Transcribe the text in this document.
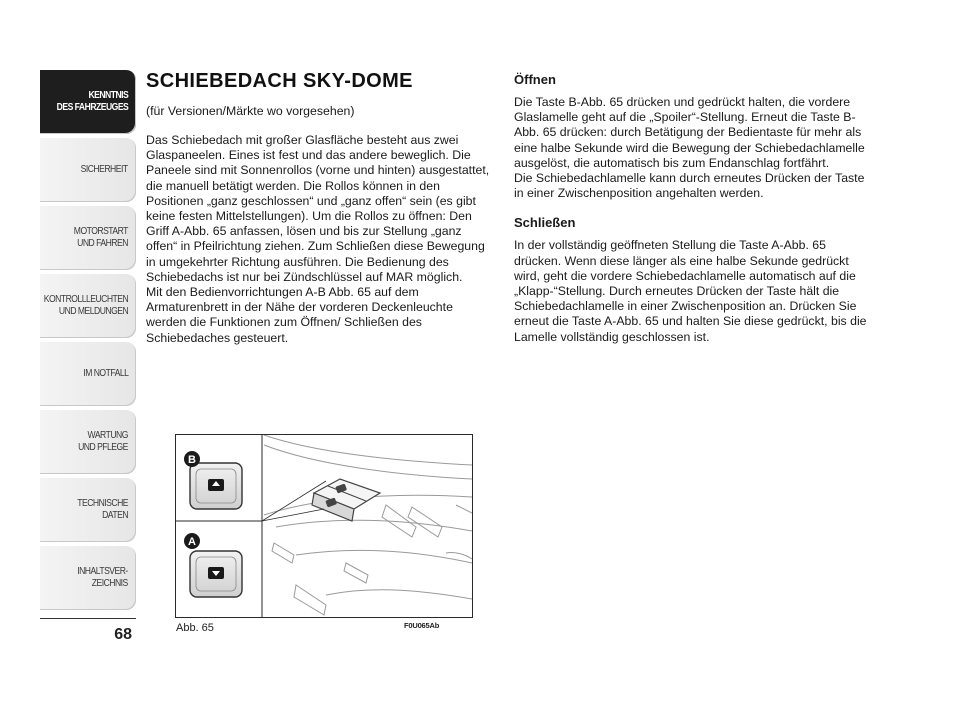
KENNTNIS
DES FAHRZEUGES
SICHERHEIT
MOTORSTART
UND FAHREN
KONTROLLLEUCHTEN
UND MELDUNGEN
IM NOTFALL
WARTUNG
UND PFLEGE
TECHNISCHE
DATEN
INHALTSVER-
ZEICHNIS
68
SCHIEBEDACH SKY-DOME

(für Versionen/Märkte wo vorgesehen)

Das Schiebedach mit großer Glasfläche besteht aus zwei Glaspaneelen. Eines ist fest und das andere beweglich. Die Paneele sind mit Sonnenrollos (vorne und hinten) ausgestattet, die manuell betätigt werden. Die Rollos können in den Positionen „ganz geschlossen“ und „ganz offen“ sein (es gibt keine festen Mittelstellungen). Um die Rollos zu öffnen: Den Griff A-Abb. 65 anfassen, lösen und bis zur Stellung „ganz offen“ in Pfeilrichtung ziehen. Zum Schließen diese Bewegung in umgekehrter Richtung ausführen. Die Bedienung des Schiebedachs ist nur bei Zündschlüssel auf MAR möglich.
Mit den Bedienvorrichtungen A-B Abb. 65 auf dem Armaturenbrett in der Nähe der vorderen Deckenleuchte werden die Funktionen zum Öffnen/ Schließen des Schiebedaches gesteuert.

Öffnen

Die Taste B-Abb. 65 drücken und gedrückt halten, die vordere Glaslamelle geht auf die „Spoiler“-Stellung. Erneut die Taste B-Abb. 65 drücken: durch Betätigung der Bedientaste für mehr als eine halbe Sekunde wird die Bewegung der Schiebedachlamelle ausgelöst, die automatisch bis zum Endanschlag fortfährt.
Die Schiebedachlamelle kann durch erneutes Drücken der Taste in einer Zwischenposition angehalten werden.

Schließen

In der vollständig geöffneten Stellung die Taste A-Abb. 65 drücken. Wenn diese länger als eine halbe Sekunde gedrückt wird, geht die vordere Schiebedachlamelle automatisch auf die „Klapp-“Stellung. Durch erneutes Drücken der Taste hält die Schiebedachlamelle in einer Zwischenposition an. Drücken Sie erneut die Taste A-Abb. 65 und halten Sie diese gedrückt, bis die Lamelle vollständig geschlossen ist.

B
A
Abb. 65	F0U065Ab
